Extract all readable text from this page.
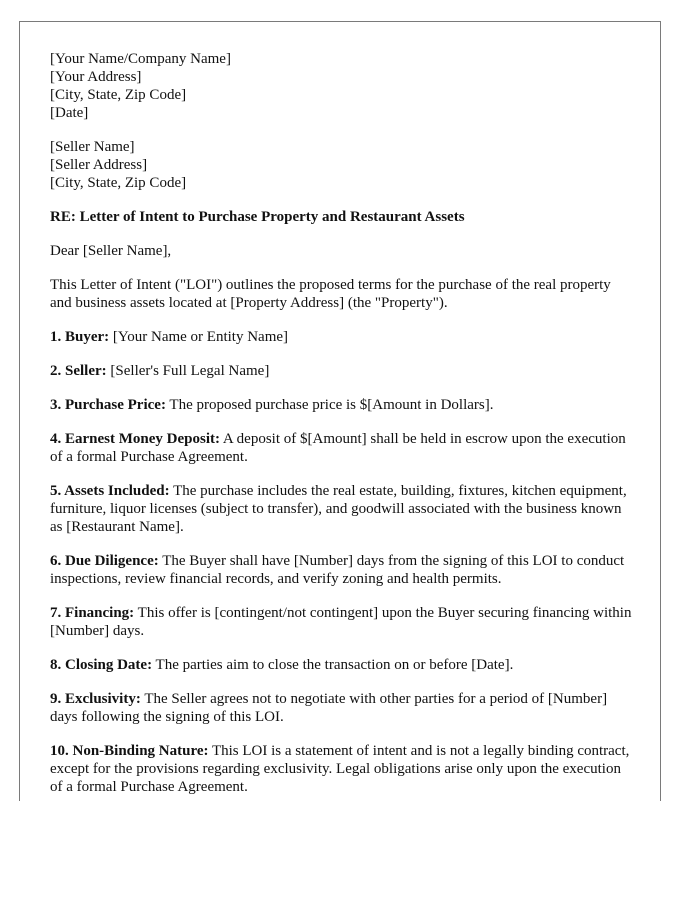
[Your Name/Company Name]
[Your Address]
[City, State, Zip Code]
[Date]
[Seller Name]
[Seller Address]
[City, State, Zip Code]
RE: Letter of Intent to Purchase Property and Restaurant Assets

Dear [Seller Name],

This Letter of Intent ("LOI") outlines the proposed terms for the purchase of the real property and business assets located at [Property Address] (the "Property").

1. Buyer: [Your Name or Entity Name]

2. Seller: [Seller's Full Legal Name]

3. Purchase Price: The proposed purchase price is $[Amount in Dollars].

4. Earnest Money Deposit: A deposit of $[Amount] shall be held in escrow upon the execution of a formal Purchase Agreement.

5. Assets Included: The purchase includes the real estate, building, fixtures, kitchen equipment, furniture, liquor licenses (subject to transfer), and goodwill associated with the business known as [Restaurant Name].

6. Due Diligence: The Buyer shall have [Number] days from the signing of this LOI to conduct inspections, review financial records, and verify zoning and health permits.

7. Financing: This offer is [contingent/not contingent] upon the Buyer securing financing within [Number] days.

8. Closing Date: The parties aim to close the transaction on or before [Date].

9. Exclusivity: The Seller agrees not to negotiate with other parties for a period of [Number] days following the signing of this LOI.

10. Non-Binding Nature: This LOI is a statement of intent and is not a legally binding contract, except for the provisions regarding exclusivity. Legal obligations arise only upon the execution of a formal Purchase Agreement.
